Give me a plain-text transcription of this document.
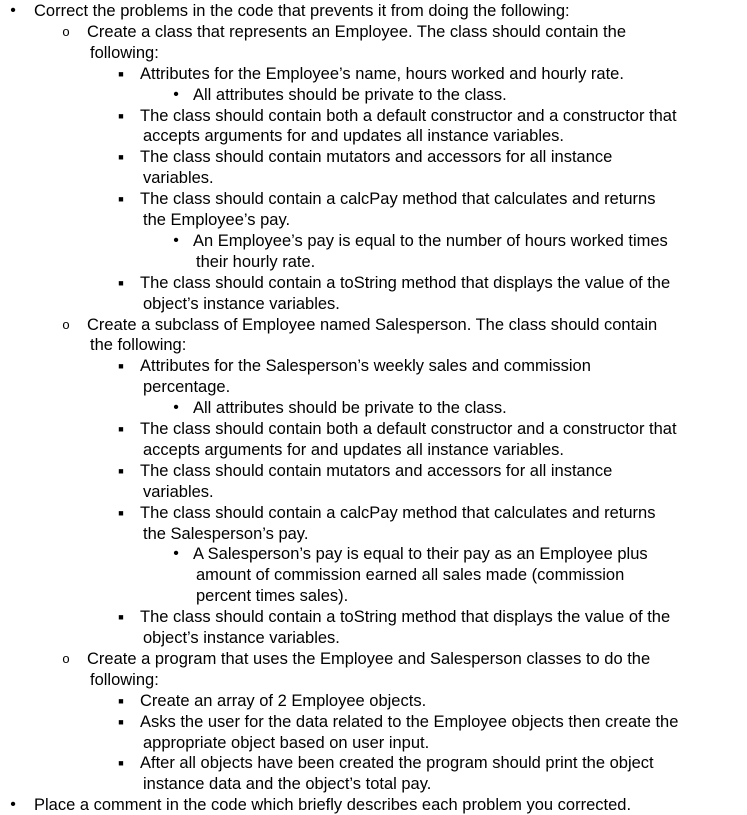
• Correct the problems in the code that prevents it from doing the following:
o Create a class that represents an Employee. The class should contain the
following:
■ Attributes for the Employee’s name, hours worked and hourly rate.
• All attributes should be private to the class.
■ The class should contain both a default constructor and a constructor that
accepts arguments for and updates all instance variables.
■ The class should contain mutators and accessors for all instance
variables.
■ The class should contain a calcPay method that calculates and returns
the Employee’s pay.
• An Employee’s pay is equal to the number of hours worked times
their hourly rate.
■ The class should contain a toString method that displays the value of the
object’s instance variables.
o Create a subclass of Employee named Salesperson. The class should contain
the following:
■ Attributes for the Salesperson’s weekly sales and commission
percentage.
• All attributes should be private to the class.
■ The class should contain both a default constructor and a constructor that
accepts arguments for and updates all instance variables.
■ The class should contain mutators and accessors for all instance
variables.
■ The class should contain a calcPay method that calculates and returns
the Salesperson’s pay.
• A Salesperson’s pay is equal to their pay as an Employee plus
amount of commission earned all sales made (commission
percent times sales).
■ The class should contain a toString method that displays the value of the
object’s instance variables.
o Create a program that uses the Employee and Salesperson classes to do the
following:
■ Create an array of 2 Employee objects.
■ Asks the user for the data related to the Employee objects then create the
appropriate object based on user input.
■ After all objects have been created the program should print the object
instance data and the object’s total pay.
• Place a comment in the code which briefly describes each problem you corrected.
